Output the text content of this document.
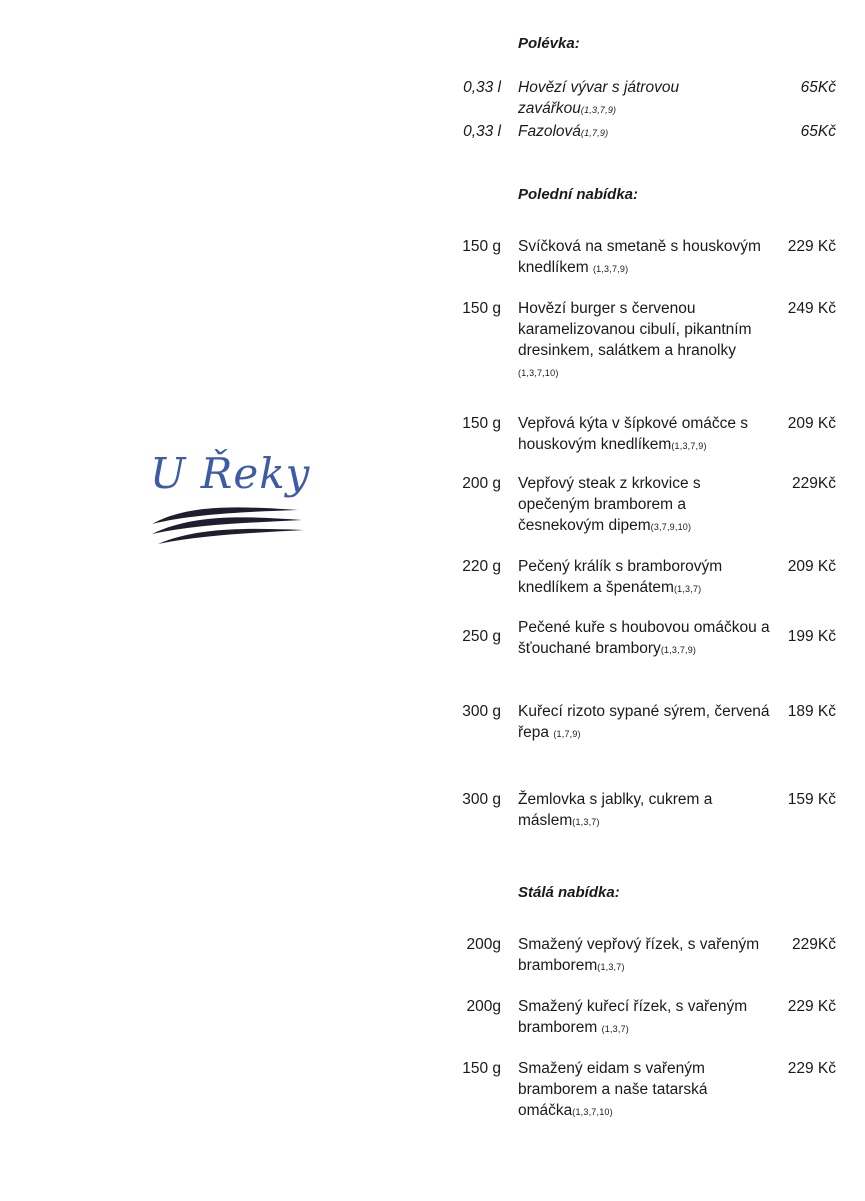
U Řeky
Polévka:
0,33 l Hovězí vývar s játrovou zavářkou(1,3,7,9)
65Kč
0,33 l Fazolová(1,7,9)	65Kč
Polední nabídka:
150 g Svíčková na smetaně s houskovým knedlíkem (1,3,7,9)
229 Kč
150 g Hovězí burger s červenou karamelizovanou cibulí, pikantním dresinkem, salátkem a hranolky (1,3,7,10)
249 Kč
150 g Vepřová kýta v šípkové omáčce s houskovým knedlíkem(1,3,7,9)
209 Kč
200 g Vepřový steak z krkovice s opečeným bramborem a česnekovým dipem(3,7,9,10)
229Kč
220 g Pečený králík s bramborovým knedlíkem a špenátem(1,3,7)
209 Kč
250 g
Pečené kuře s houbovou omáčkou a šťouchané brambory(1,3,7,9)
199 Kč
300 g Kuřecí rizoto sypané sýrem, červená řepa (1,7,9)
189 Kč
300 g Žemlovka s jablky, cukrem a máslem(1,3,7)
159 Kč
Stálá nabídka:
200g Smažený vepřový řízek, s vařeným bramborem(1,3,7)
229Kč
200g Smažený kuřecí řízek, s vařeným bramborem (1,3,7)
229 Kč
150 g Smažený eidam s vařeným bramborem a naše tatarská omáčka(1,3,7,10)
229 Kč
